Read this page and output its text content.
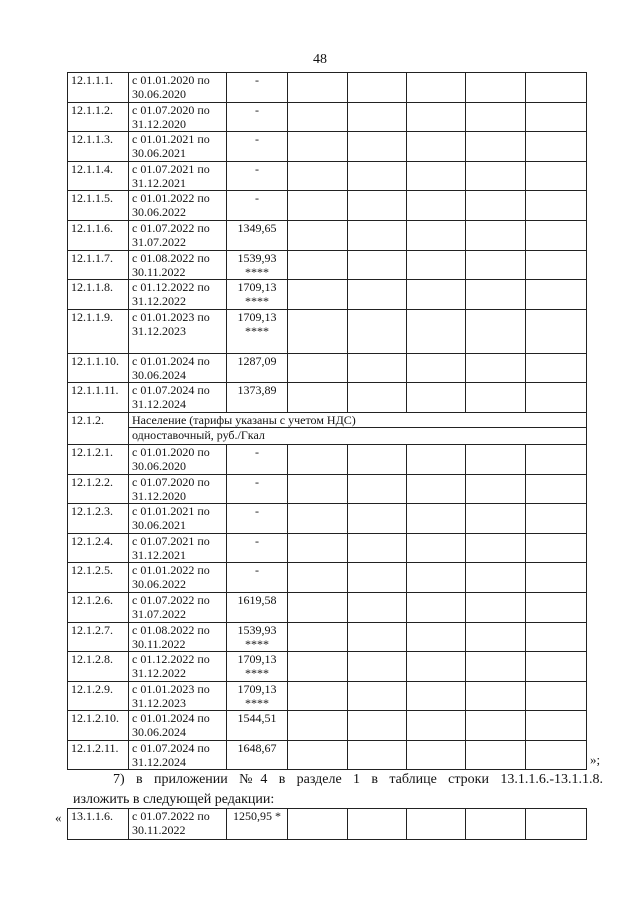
48
12.1.1.1.	с 01.01.2020 по 30.06.2020	-					
12.1.1.2.	с 01.07.2020 по 31.12.2020	-					
12.1.1.3.	с 01.01.2021 по 30.06.2021	-					
12.1.1.4.	с 01.07.2021 по 31.12.2021	-					
12.1.1.5.	с 01.01.2022 по 30.06.2022	-					
12.1.1.6.	с 01.07.2022 по 31.07.2022	1349,65					
12.1.1.7.	с 01.08.2022 по 30.11.2022	1539,93 ****					
12.1.1.8.	с 01.12.2022 по 31.12.2022	1709,13 ****					
12.1.1.9.	с 01.01.2023 по 31.12.2023	1709,13 ****					
12.1.1.10.	с 01.01.2024 по 30.06.2024	1287,09					
12.1.1.11.	с 01.07.2024 по 31.12.2024	1373,89					
12.1.2.	Население (тарифы указаны с учетом НДС)						
	одноставочный, руб./Гкал						
12.1.2.1.	с 01.01.2020 по 30.06.2020	-					
12.1.2.2.	с 01.07.2020 по 31.12.2020	-					
12.1.2.3.	с 01.01.2021 по 30.06.2021	-					
12.1.2.4.	с 01.07.2021 по 31.12.2021	-					
12.1.2.5.	с 01.01.2022 по 30.06.2022	-					
12.1.2.6.	с 01.07.2022 по 31.07.2022	1619,58					
12.1.2.7.	с 01.08.2022 по 30.11.2022	1539,93 ****					
12.1.2.8.	с 01.12.2022 по 31.12.2022	1709,13 ****					
12.1.2.9.	с 01.01.2023 по 31.12.2023	1709,13 ****					
12.1.2.10.	с 01.01.2024 по 30.06.2024	1544,51					
12.1.2.11.	с 01.07.2024 по 31.12.2024	1648,67					
»;
7) в приложении №4 в разделе 1 в таблице строки 13.1.1.6.-13.1.1.8.
изложить в следующей редакции:
« 13.1.1.6.	с 01.07.2022 по 30.11.2022	1250,95 *					
